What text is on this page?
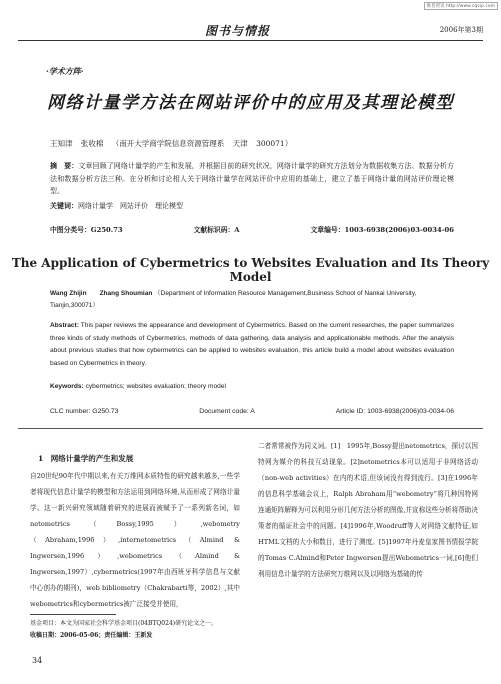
维普资讯 http://www.cqvip.com
图书与情报	2006年第3期
·学术方阵·
网络计量学方法在网站评价中的应用及其理论模型
王知津 张收棉 （南开大学商学院信息资源管理系 天津 300071）
摘　要：文章回顾了网络计量学的产生和发展，并根据目前的研究状况，网络计量学的研究方法划分为数据收集方法、数据分析方法和数据分析方法三种。在分析和讨论相人关于网络计量学在网站评价中应用的基础上，建立了基于网络计量的网站评价理论模型。
关键词：网络计量学　网站评价　理论模型
中图分类号：G250.73	文献标识码：A	文章编号：1003-6938(2006)03-0034-06
The Application of Cybermetrics to Websites Evaluation and Its Theory Model
Wang Zhijin　　Zhang Shoumian （Department of Information Resource Management,Business School of Nankai University, Tianjin,300071）
Abstract: This paper reviews the appearance and development of Cybermetrics. Based on the current researches, the paper summarizes three kinds of study methods of Cybermetrics, methods of data gathering, data analysis and applicationable methods. After the analysis about previous studies that how cybermetrics can be applied to websites evaluation, this article build a model about websites evaluation based on Cybermetrics in theory.
Keywords: cybermetrics; websites evaluation; theory model
CLC number: G250.73	Document code: A	Article ID: 1003-6938(2006)03-0034-06
1　网络计量学的产生和发展
自20世纪90年代中期以来,有关万维网本质特性的研究越来越多,一些学者将现代信息计量学的模型和方法运用到网络环境,从而形成了网络计量学。这一新兴研究领域随着研究的进展而被赋予了一系列新名词，如netometrics（Bossy,1995）,webometry（Abraham,1996）,internetometrics（Almind & Ingwersen,1996）,webometrics（Almind & Ingwersen,1997）,cybermetrics(1997年由西班牙科学信息与文献中心创办的期刊)，web bibliometry（Chakrabarti等，2002）,其中webometrics和cybermetrics被广泛接受并使用，
二者常常被作为同义词。[1]　1995年,Bossy提出netometrics，探讨以因特网为媒介的科技互动现象。[2]netometrics本可以适用于非网络活动（non-web activities）在内的术语,但该词没有得到流行。[3]在1996年的信息科学基础会议上，Ralph Abraham用“webometry”将几种因特网连通矩阵解释为可以利用分形几何方法分析的图像,并宣称这些分析将帮助决策者的循证社会中的问题。[4]1996年,Woodruff等人对网络文献特征,如HTML文档的大小和数目，进行了测度。[5]1997年丹麦皇家图书情报学院的Tomas C.Almind和Peter Ingwersen提出Webometrics一词,[6]他们利用信息计量学的方法研究万维网以及以网络为基础的传
基金项目：本文为国家社会科学基金项目(04BTQ024)研究论文之一。
收稿日期：2006-05-06；责任编辑：王新发
34
